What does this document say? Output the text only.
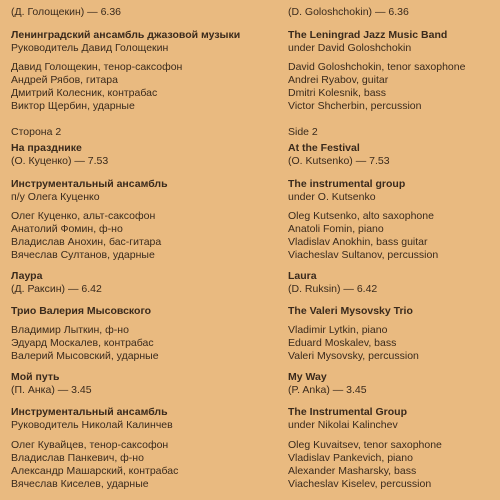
(Д. Голощекин) — 6.36
Ленинградский ансамбль джазовой музыки
Руководитель Давид Голощекин
Давид Голощекин, тенор-саксофон
Андрей Рябов, гитара
Дмитрий Колесник, контрабас
Виктор Щербин, ударные
Сторона 2
На празднике
(О. Куценко) — 7.53
Инструментальный ансамбль
п/у Олега Куценко
Олег Куценко, альт-саксофон
Анатолий Фомин, ф-но
Владислав Анохин, бас-гитара
Вячеслав Султанов, ударные
Лаура
(Д. Раксин) — 6.42
Трио Валерия Мысовского
Владимир Лыткин, ф-но
Эдуард Москалев, контрабас
Валерий Мысовский, ударные
Мой путь
(П. Анка) — 3.45
Инструментальный ансамбль
Руководитель Николай Калинчев
Олег Кувайцев, тенор-саксофон
Владислав Панкевич, ф-но
Александр Машарский, контрабас
Вячеслав Киселев, ударные
(D. Goloshchokin) — 6.36
The Leningrad Jazz Music Band
under David Goloshchokin
David Goloshchokin, tenor saxophone
Andrei Ryabov, guitar
Dmitri Kolesnik, bass
Victor Shcherbin, percussion
Side 2
At the Festival
(O. Kutsenko) — 7.53
The instrumental group
under O. Kutsenko
Oleg Kutsenko, alto saxophone
Anatoli Fomin, piano
Vladislav Anokhin, bass guitar
Viacheslav Sultanov, percussion
Laura
(D. Ruksin) — 6.42
The Valeri Mysovsky Trio
Vladimir Lytkin, piano
Eduard Moskalev, bass
Valeri Mysovsky, percussion
My Way
(P. Anka) — 3.45
The Instrumental Group
under Nikolai Kalinchev
Oleg Kuvaitsev, tenor saxophone
Vladislav Pankevich, piano
Alexander Masharsky, bass
Viacheslav Kiselev, percussion
